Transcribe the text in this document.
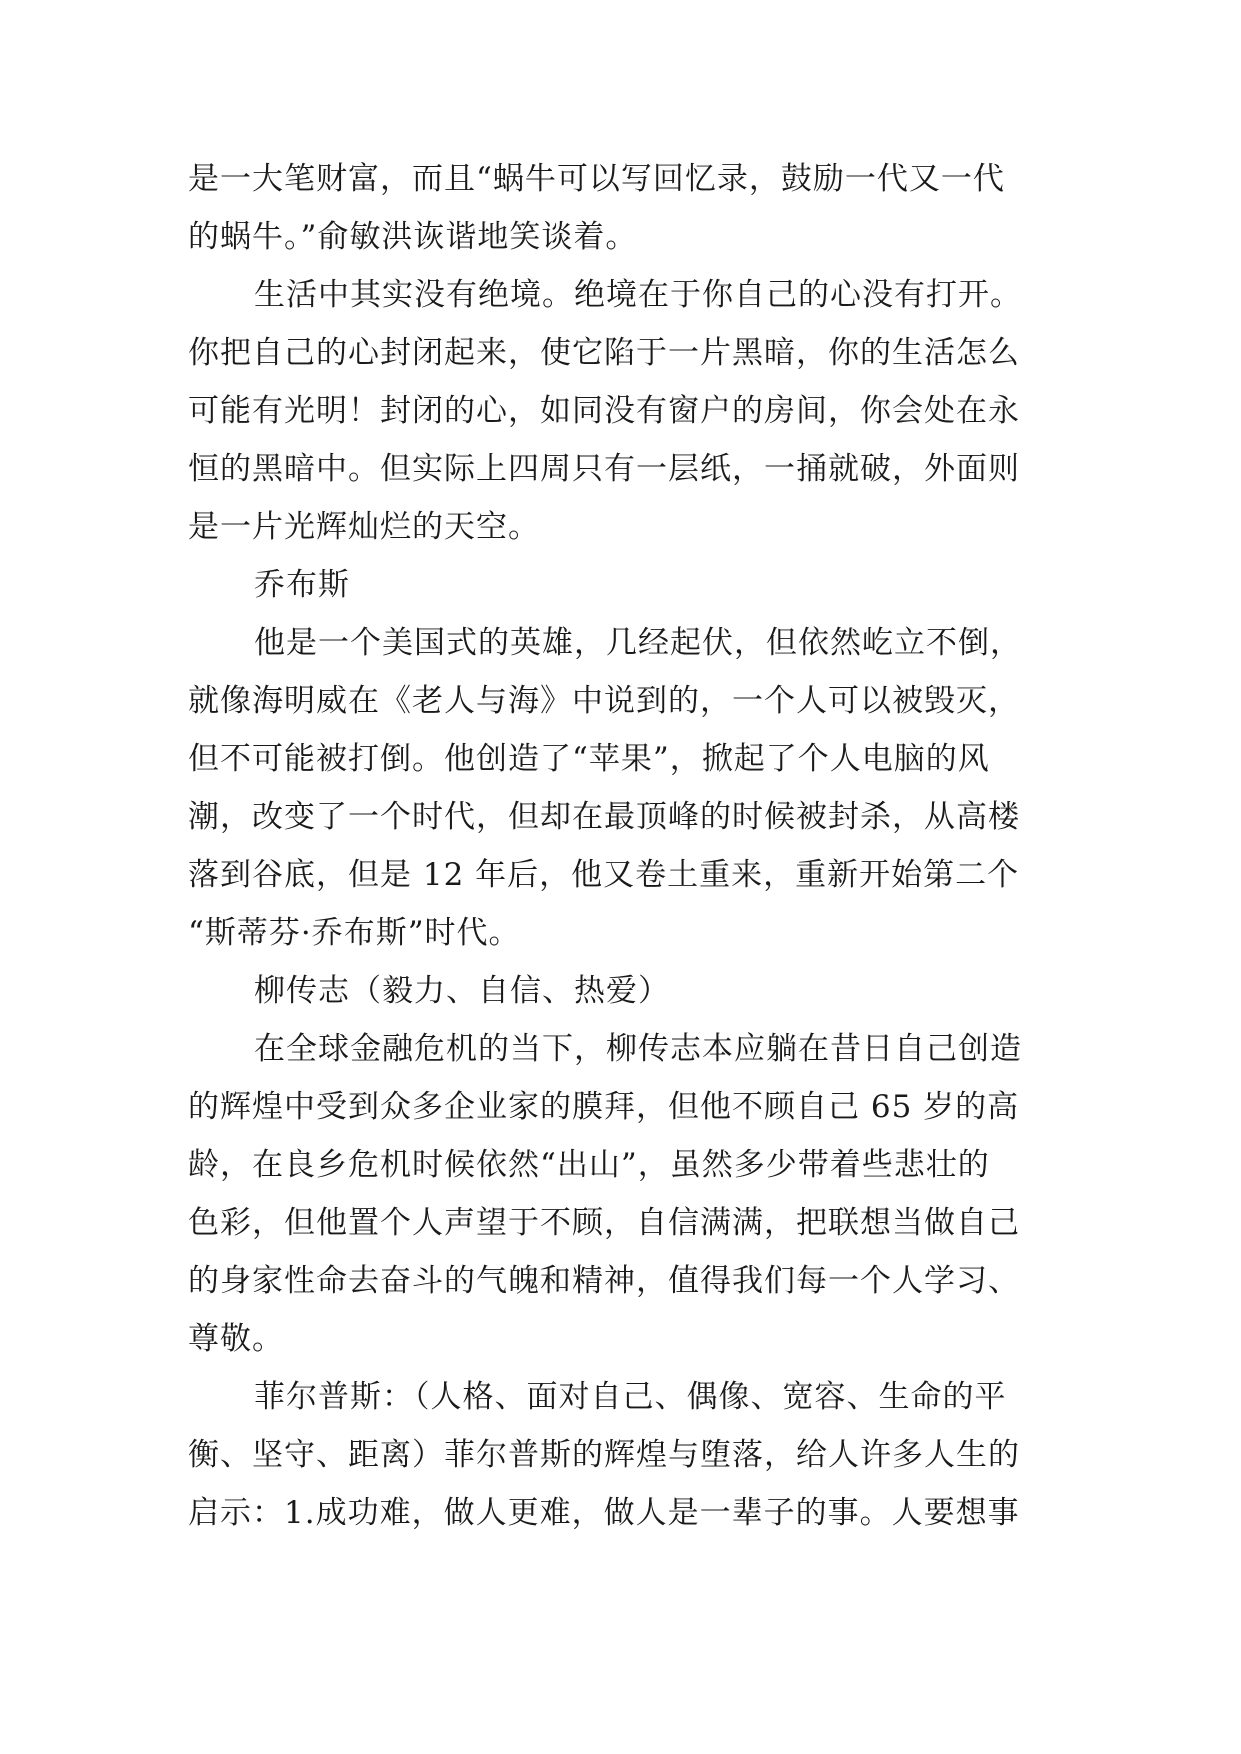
是一大笔财富，而且“蜗牛可以写回忆录，鼓励一代又一代
的蜗牛。”俞敏洪诙谐地笑谈着。
生活中其实没有绝境。绝境在于你自己的心没有打开。
你把自己的心封闭起来，使它陷于一片黑暗，你的生活怎么
可能有光明！封闭的心，如同没有窗户的房间，你会处在永
恒的黑暗中。但实际上四周只有一层纸，一捅就破，外面则
是一片光辉灿烂的天空。
乔布斯
他是一个美国式的英雄，几经起伏，但依然屹立不倒，
就像海明威在《老人与海》中说到的，一个人可以被毁灭，
但不可能被打倒。他创造了“苹果”，掀起了个人电脑的风
潮，改变了一个时代，但却在最顶峰的时候被封杀，从高楼
落到谷底，但是 12 年后，他又卷土重来，重新开始第二个
“斯蒂芬·乔布斯”时代。
柳传志（毅力、自信、热爱）
在全球金融危机的当下，柳传志本应躺在昔日自己创造
的辉煌中受到众多企业家的膜拜，但他不顾自己 65 岁的高
龄，在良乡危机时候依然“出山”，虽然多少带着些悲壮的
色彩，但他置个人声望于不顾，自信满满，把联想当做自己
的身家性命去奋斗的气魄和精神，值得我们每一个人学习、
尊敬。
菲尔普斯：（人格、面对自己、偶像、宽容、生命的平
衡、坚守、距离）菲尔普斯的辉煌与堕落，给人许多人生的
启示：1.成功难，做人更难，做人是一辈子的事。人要想事
